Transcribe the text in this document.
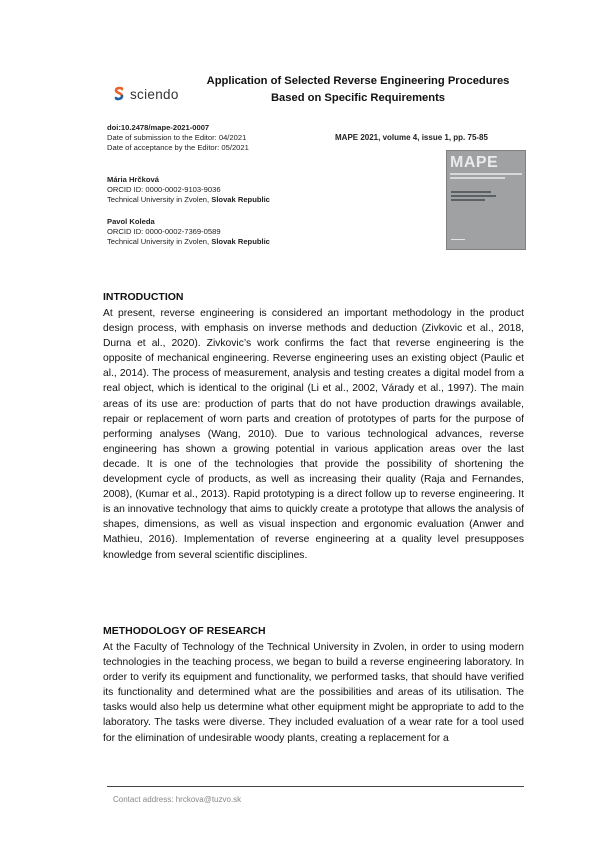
sciendo
Application of Selected Reverse Engineering Procedures
Based on Specific Requirements
doi:10.2478/mape-2021-0007
Date of submission to the Editor: 04/2021
Date of acceptance by the Editor: 05/2021
MAPE 2021, volume 4, issue 1, pp. 75-85
MAPE
Mária Hrčková
ORCID ID: 0000-0002-9103-9036
Technical University in Zvolen, Slovak Republic
Pavol Koleda
ORCID ID: 0000-0002-7369-0589
Technical University in Zvolen, Slovak Republic
INTRODUCTION
At present, reverse engineering is considered an important methodology in the product design process, with emphasis on inverse methods and deduction (Zivkovic et al., 2018, Durna et al., 2020). Zivkovic’s work confirms the fact that reverse engineering is the opposite of mechanical engineering. Reverse engineering uses an existing object (Paulic et al., 2014). The process of measurement, analysis and testing creates a digital model from a real object, which is identical to the original (Li et al., 2002, Várady et al., 1997). The main areas of its use are: production of parts that do not have production drawings available, repair or replacement of worn parts and creation of prototypes of parts for the purpose of performing analyses (Wang, 2010). Due to various technological advances, reverse engineering has shown a growing potential in various application areas over the last decade. It is one of the technologies that provide the possibility of shortening the development cycle of products, as well as increasing their quality (Raja and Fernandes, 2008), (Kumar et al., 2013). Rapid prototyping is a direct follow up to reverse engineering. It is an innovative technology that aims to quickly create a prototype that allows the analysis of shapes, dimensions, as well as visual inspection and ergonomic evaluation (Anwer and Mathieu, 2016). Implementation of reverse engineering at a quality level presupposes knowledge from several scientific disciplines.
METHODOLOGY OF RESEARCH
At the Faculty of Technology of the Technical University in Zvolen, in order to using modern technologies in the teaching process, we began to build a reverse engineering laboratory. In order to verify its equipment and functionality, we performed tasks, that should have verified its functionality and determined what are the possibilities and areas of its utilisation. The tasks would also help us determine what other equipment might be appropriate to add to the laboratory. The tasks were diverse. They included evaluation of a wear rate for a tool used for the elimination of undesirable woody plants, creating a replacement for a
Contact address: hrckova@tuzvo.sk
